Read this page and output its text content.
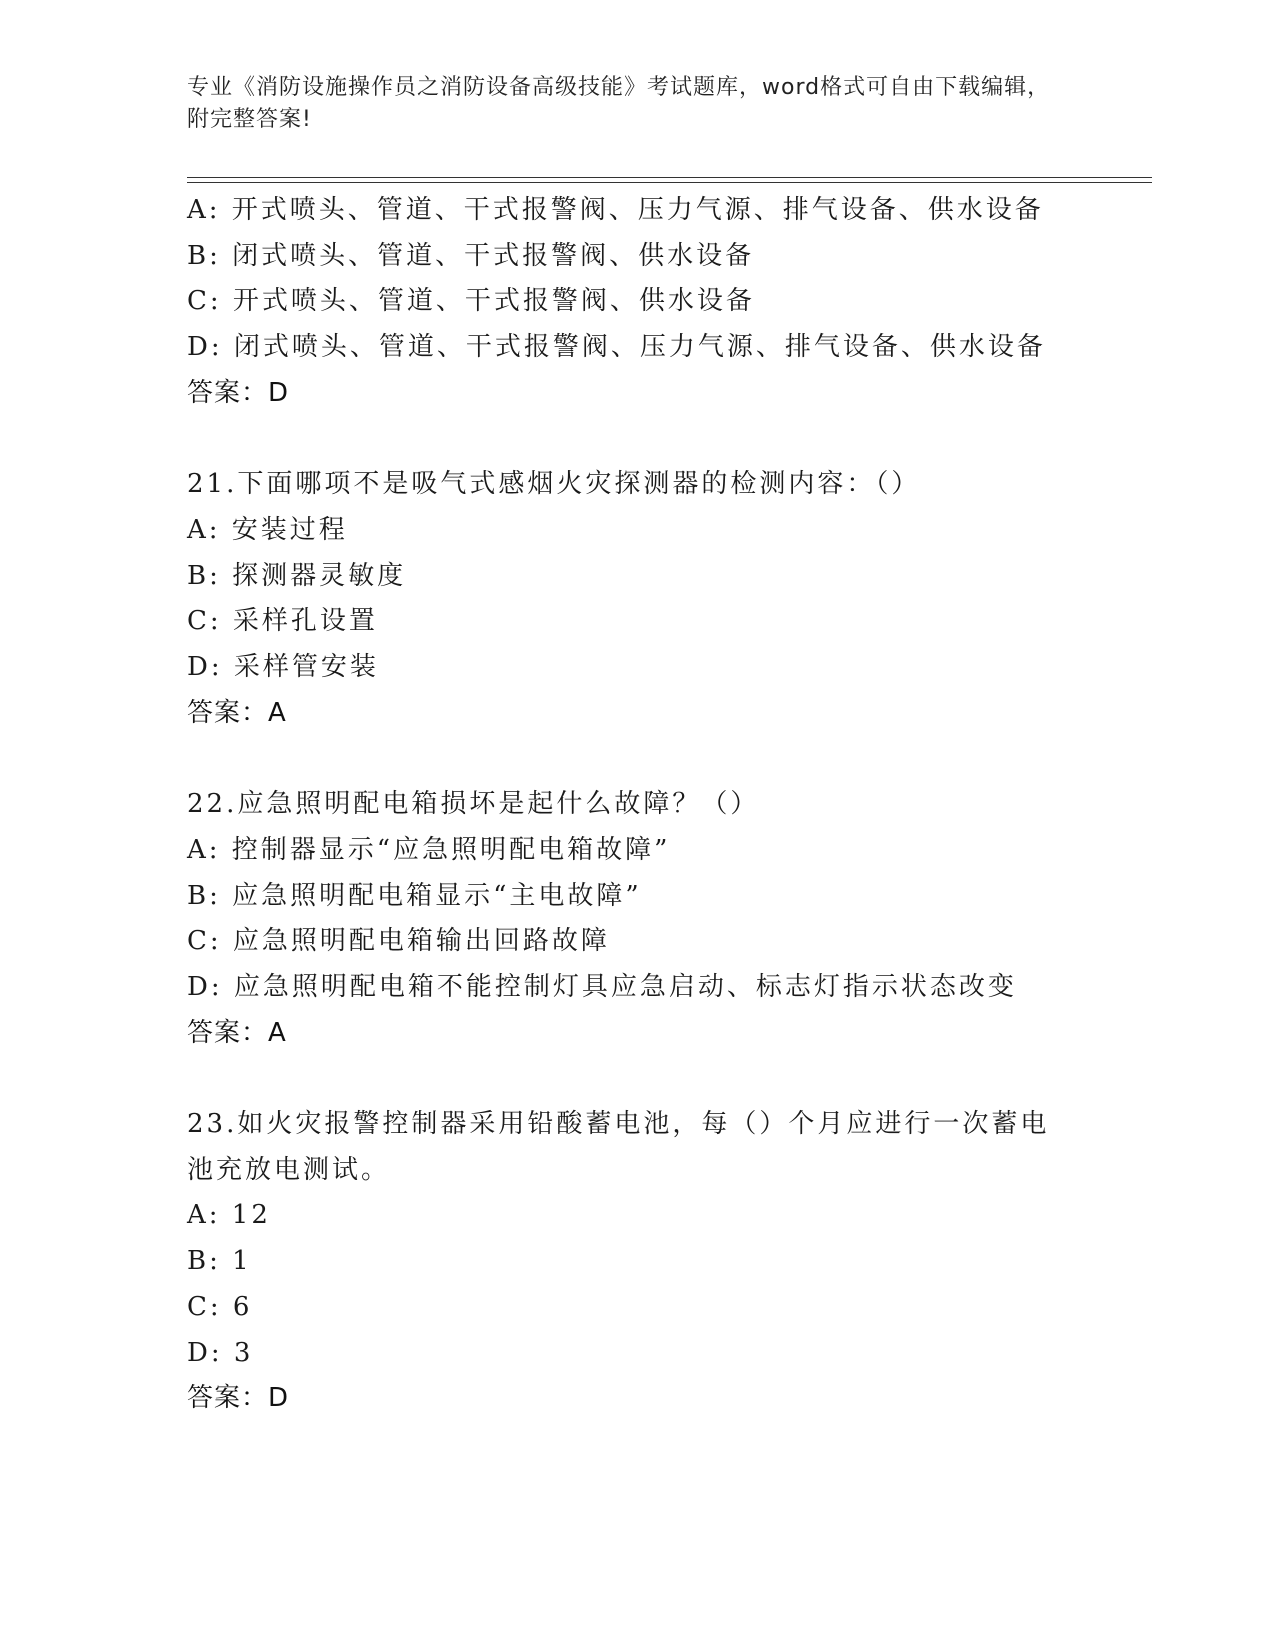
专业《消防设施操作员之消防设备高级技能》考试题库，word格式可自由下载编辑，附完整答案!
A: 开式喷头、管道、干式报警阀、压力气源、排气设备、供水设备
B: 闭式喷头、管道、干式报警阀、供水设备
C: 开式喷头、管道、干式报警阀、供水设备
D: 闭式喷头、管道、干式报警阀、压力气源、排气设备、供水设备
答案：D
21.下面哪项不是吸气式感烟火灾探测器的检测内容：（）
A: 安装过程
B: 探测器灵敏度
C: 采样孔设置
D: 采样管安装
答案：A
22.应急照明配电箱损坏是起什么故障？（）
A: 控制器显示“应急照明配电箱故障”
B: 应急照明配电箱显示“主电故障”
C: 应急照明配电箱输出回路故障
D: 应急照明配电箱不能控制灯具应急启动、标志灯指示状态改变
答案：A
23.如火灾报警控制器采用铅酸蓄电池，每（）个月应进行一次蓄电池充放电测试。
A: 12
B: 1
C: 6
D: 3
答案：D
